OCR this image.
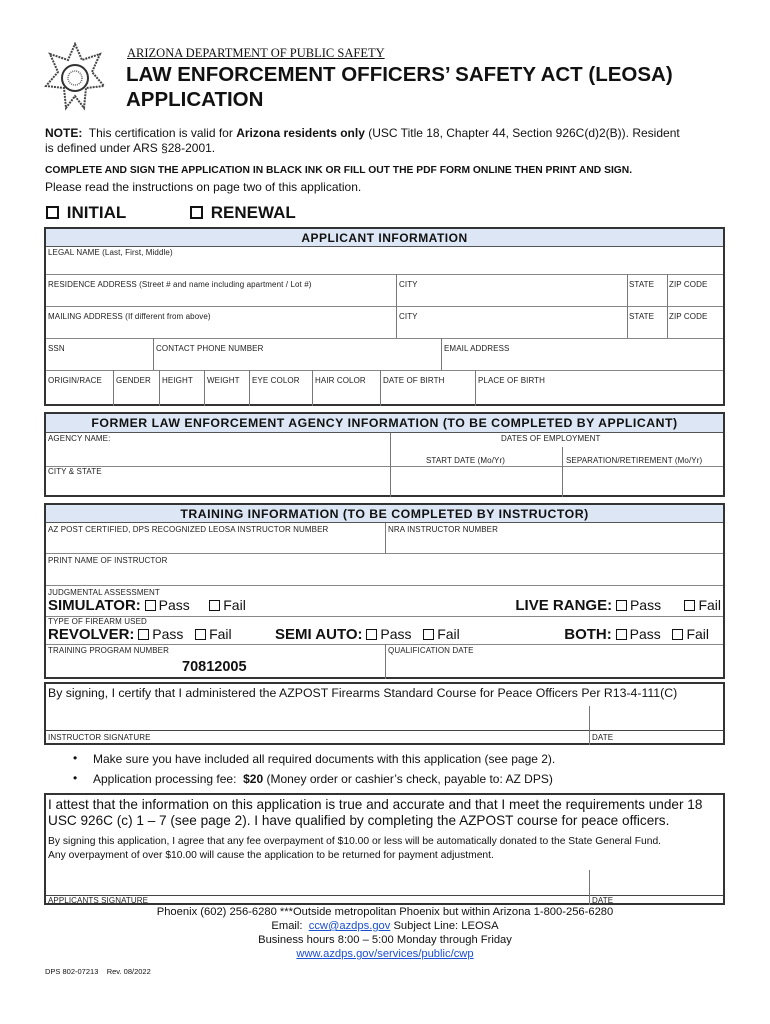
ARIZONA DEPARTMENT OF PUBLIC SAFETY
LAW ENFORCEMENT OFFICERS’ SAFETY ACT (LEOSA)
APPLICATION
NOTE: This certification is valid for Arizona residents only (USC Title 18, Chapter 44, Section 926C(d)2(B)). Resident
is defined under ARS §28-2001.
COMPLETE AND SIGN THE APPLICATION IN BLACK INK OR FILL OUT THE PDF FORM ONLINE THEN PRINT AND SIGN.
Please read the instructions on page two of this application.
INITIAL	RENEWAL
APPLICANT INFORMATION
LEGAL NAME (Last, First, Middle)
RESIDENCE ADDRESS (Street # and name including apartment / Lot #)	CITY	STATE ZIP CODE
MAILING ADDRESS (If different from above)	CITY	STATE ZIP CODE
SSN	CONTACT PHONE NUMBER	EMAIL ADDRESS
ORIGIN/RACE GENDER HEIGHT WEIGHT EYE COLOR HAIR COLOR DATE OF BIRTH	PLACE OF BIRTH
FORMER LAW ENFORCEMENT AGENCY INFORMATION (TO BE COMPLETED BY APPLICANT)
AGENCY NAME:	DATES OF EMPLOYMENT
START DATE (Mo/Yr)	SEPARATION/RETIREMENT (Mo/Yr)
CITY & STATE
TRAINING INFORMATION (TO BE COMPLETED BY INSTRUCTOR)
AZ POST CERTIFIED, DPS RECOGNIZED LEOSA INSTRUCTOR NUMBER	NRA INSTRUCTOR NUMBER
PRINT NAME OF INSTRUCTOR
JUDGMENTAL ASSESSMENT
SIMULATOR: Pass Fail	LIVE RANGE: Pass	Fail
TYPE OF FIREARM USED
REVOLVER: Pass Fail	SEMI AUTO: Pass Fail	BOTH: Pass Fail
TRAINING PROGRAM NUMBER
70812005
QUALIFICATION DATE
By signing, I certify that I administered the AZPOST Firearms Standard Course for Peace Officers Per R13-4-111(C)
INSTRUCTOR SIGNATURE	DATE
• Make sure you have included all required documents with this application (see page 2).
• Application processing fee: $20 (Money order or cashier’s check, payable to: AZ DPS)
I attest that the information on this application is true and accurate and that I meet the requirements under 18
USC 926C (c) 1 – 7 (see page 2). I have qualified by completing the AZPOST course for peace officers.
By signing this application, I agree that any fee overpayment of $10.00 or less will be automatically donated to the State General Fund.
Any overpayment of over $10.00 will cause the application to be returned for payment adjustment.
APPLICANTS SIGNATURE	DATE
Phoenix (602) 256-6280 ***Outside metropolitan Phoenix but within Arizona 1-800-256-6280
Email: ccw@azdps.gov Subject Line: LEOSA
Business hours 8:00 – 5:00 Monday through Friday
www.azdps.gov/services/public/cwp
DPS 802-07213 Rev. 08/2022
